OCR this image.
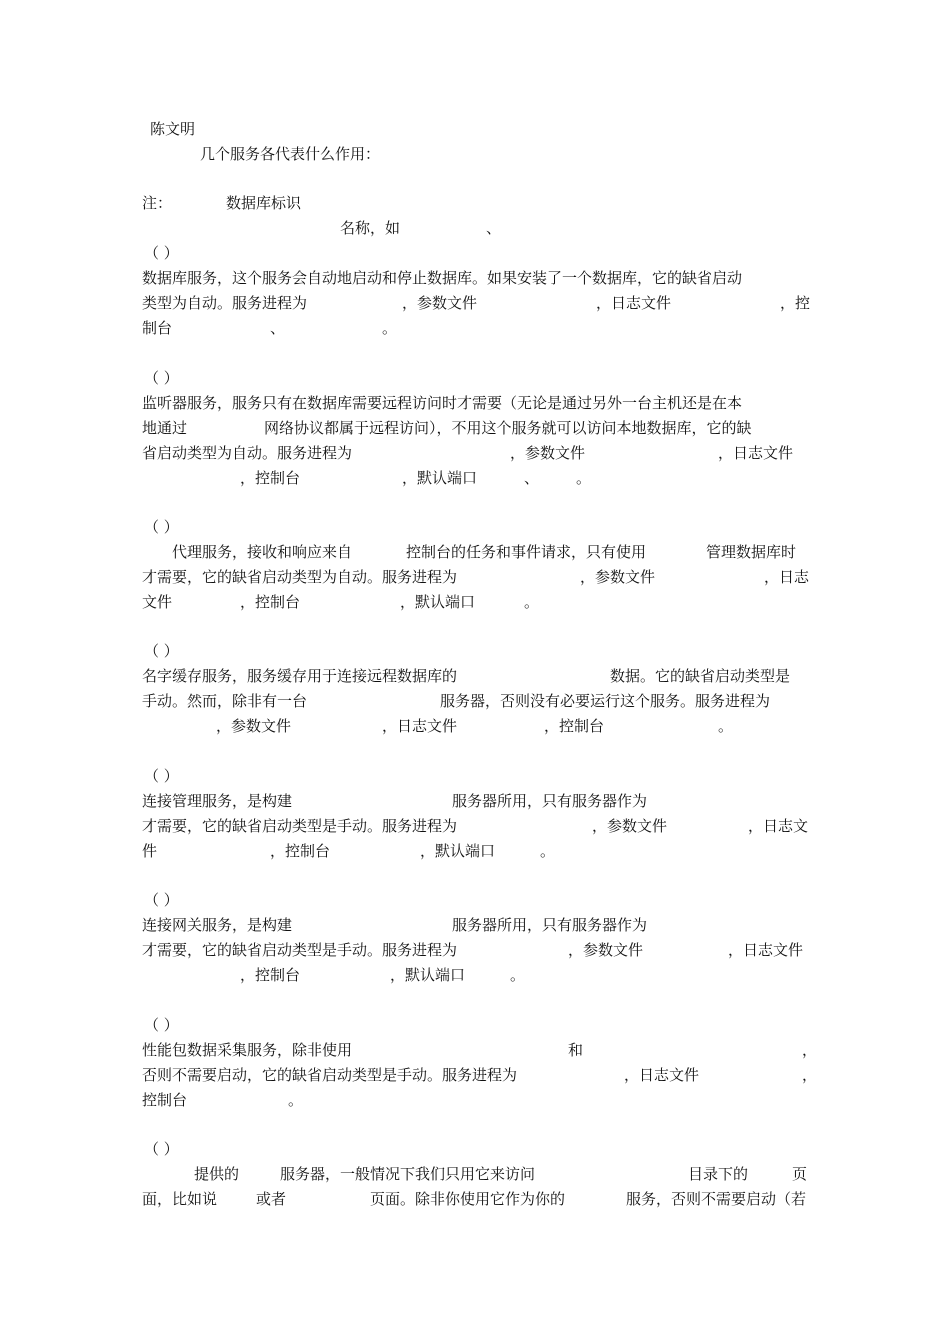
陈文明
几个服务各代表什么作用：
注：	数据库标识
名称，如	、
（ ）
数据库服务，这个服务会自动地启动和停止数据库。如果安装了一个数据库，它的缺省启动
类型为自动。服务进程为	，参数文件	，日志文件	，控
制台	、	。
（ ）
监听器服务，服务只有在数据库需要远程访问时才需要（无论是通过另外一台主机还是在本
地通过	网络协议都属于远程访问），不用这个服务就可以访问本地数据库，它的缺
省启动类型为自动。服务进程为	，参数文件	，日志文件
，控制台	，默认端口	、 。
（ ）
代理服务，接收和响应来自	控制台的任务和事件请求，只有使用	管理数据库时
才需要，它的缺省启动类型为自动。服务进程为	，参数文件	，日志
文件	，控制台	，默认端口	。
（ ）
名字缓存服务，服务缓存用于连接远程数据库的	数据。它的缺省启动类型是
手动。然而，除非有一台	服务器，否则没有必要运行这个服务。服务进程为
，参数文件	，日志文件	，控制台	。
（ ）
连接管理服务，是构建	服务器所用，只有服务器作为
才需要，它的缺省启动类型是手动。服务进程为	，参数文件	，日志文
件	，控制台	，默认端口	。
（ ）
连接网关服务，是构建	服务器所用，只有服务器作为
才需要，它的缺省启动类型是手动。服务进程为	，参数文件	，日志文件
，控制台	，默认端口	。
（ ）
性能包数据采集服务，除非使用	和	，
否则不需要启动，它的缺省启动类型是手动。服务进程为	，日志文件	，
控制台	。
（ ）
提供的	服务器，一般情况下我们只用它来访问	目录下的	页
面，比如说	或者	页面。除非你使用它作为你的	服务，否则不需要启动（若
